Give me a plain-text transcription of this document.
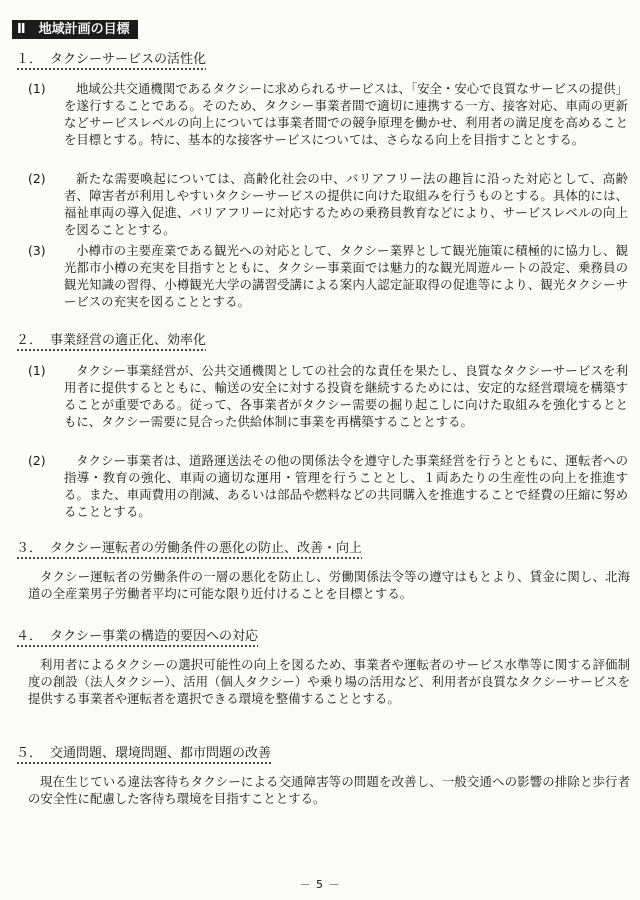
Ⅱ　地域計画の目標
１． タクシーサービスの活性化
(1)	地域公共交通機関であるタクシーに求められるサービスは、「安全・安心で良質なサービスの提供」を遂行することである。そのため、タクシー事業者間で適切に連携する一方、接客対応、車両の更新などサービスレベルの向上については事業者間での競争原理を働かせ、利用者の満足度を高めることを目標とする。特に、基本的な接客サービスについては、さらなる向上を目指すこととする。
(2)	新たな需要喚起については、高齢化社会の中、バリアフリー法の趣旨に沿った対応として、高齢者、障害者が利用しやすいタクシーサービスの提供に向けた取組みを行うものとする。具体的には、福祉車両の導入促進、バリアフリーに対応するための乗務員教育などにより、サービスレベルの向上を図ることとする。
(3)	小樽市の主要産業である観光への対応として、タクシー業界として観光施策に積極的に協力し、観光都市小樽の充実を目指すとともに、タクシー事業面では魅力的な観光周遊ルートの設定、乗務員の観光知識の習得、小樽観光大学の講習受講による案内人認定証取得の促進等により、観光タクシーサービスの充実を図ることとする。
２． 事業経営の適正化、効率化
(1)	タクシー事業経営が、公共交通機関としての社会的な責任を果たし、良質なタクシーサービスを利用者に提供するとともに、輸送の安全に対する投資を継続するためには、安定的な経営環境を構築することが重要である。従って、各事業者がタクシー需要の掘り起こしに向けた取組みを強化するとともに、タクシー需要に見合った供給体制に事業を再構築することとする。
(2)	タクシー事業者は、道路運送法その他の関係法令を遵守した事業経営を行うとともに、運転者への指導・教育の強化、車両の適切な運用・管理を行うこととし、１両あたりの生産性の向上を推進する。また、車両費用の削減、あるいは部品や燃料などの共同購入を推進することで経費の圧縮に努めることとする。
３． タクシー運転者の労働条件の悪化の防止、改善・向上
タクシー運転者の労働条件の一層の悪化を防止し、労働関係法令等の遵守はもとより、賃金に関し、北海道の全産業男子労働者平均に可能な限り近付けることを目標とする。
４． タクシー事業の構造的要因への対応
利用者によるタクシーの選択可能性の向上を図るため、事業者や運転者のサービス水準等に関する評価制度の創設（法人タクシー）、活用（個人タクシー）や乗り場の活用など、利用者が良質なタクシーサービスを提供する事業者や運転者を選択できる環境を整備することとする。
５． 交通問題、環境問題、都市問題の改善
現在生じている違法客待ちタクシーによる交通障害等の問題を改善し、一般交通への影響の排除と歩行者の安全性に配慮した客待ち環境を目指すこととする。
－ 5 －
